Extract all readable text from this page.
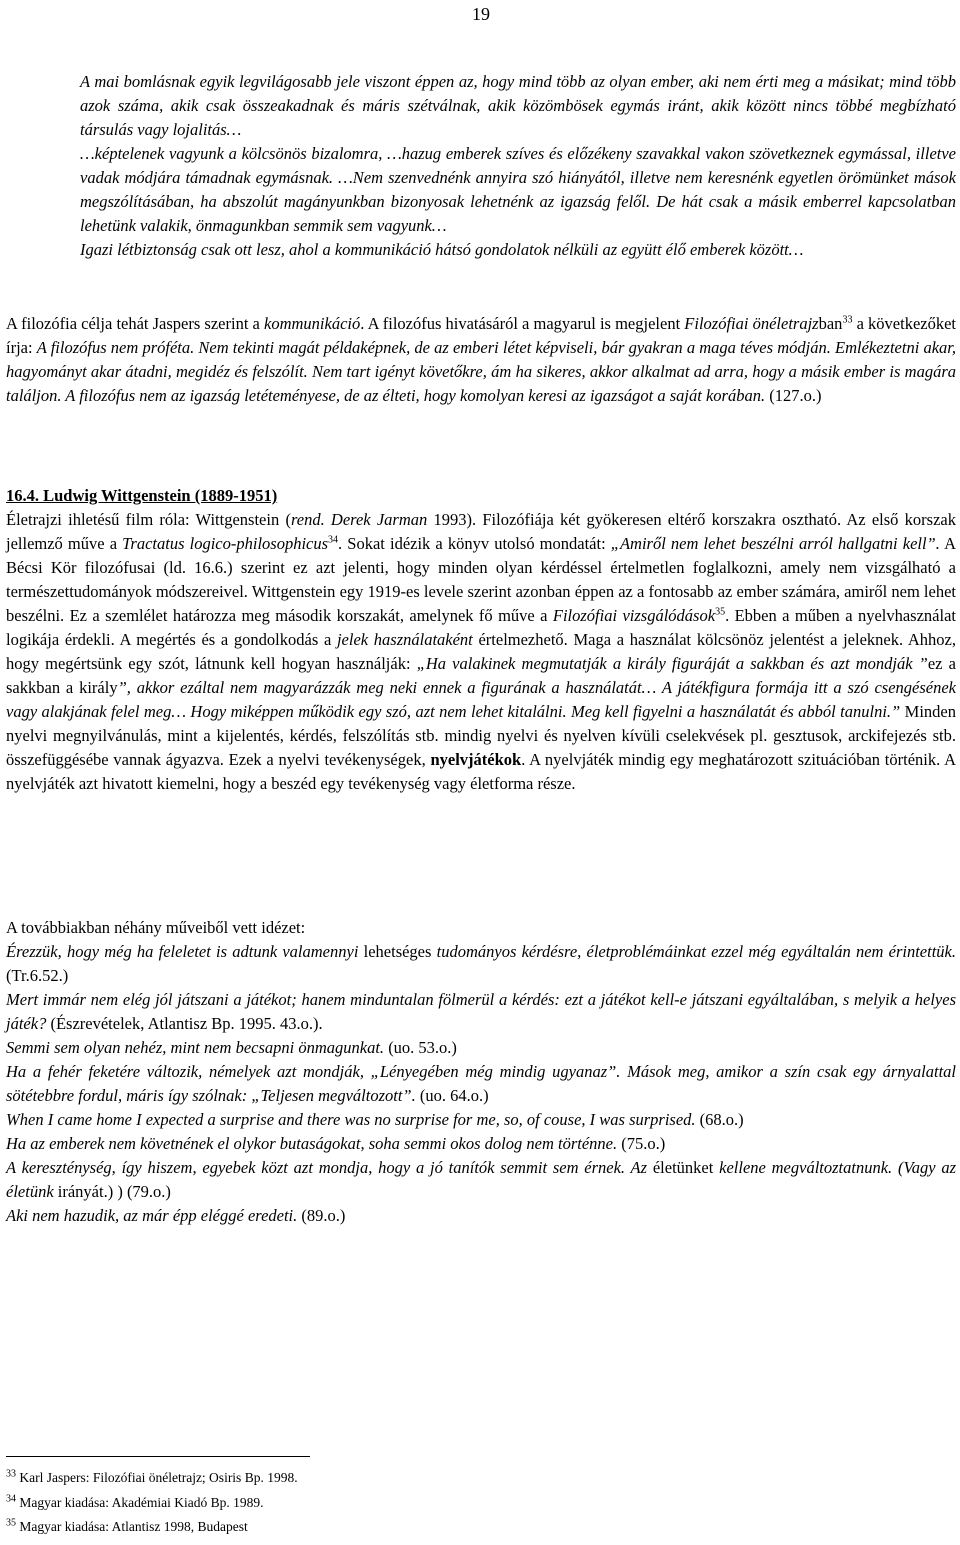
19

A mai bomlásnak egyik legvilágosabb jele viszont éppen az, hogy mind több az olyan ember, aki nem érti meg a másikat; mind több azok száma, akik csak összeakadnak és máris szétválnak, akik közömbösek egymás iránt, akik között nincs többé megbízható társulás vagy lojalitás…

…képtelenek vagyunk a kölcsönös bizalomra, …hazug emberek szíves és előzékeny szavakkal vakon szövetkeznek egymással, illetve vadak módjára támadnak egymásnak. …Nem szenvednénk annyira szó hiányától, illetve nem keresnénk egyetlen örömünket mások megszólításában, ha abszolút magányunkban bizonyosak lehetnénk az igazság felől. De hát csak a másik emberrel kapcsolatban lehetünk valakik, önmagunkban semmik sem vagyunk…

Igazi létbiztonság csak ott lesz, ahol a kommunikáció hátsó gondolatok nélküli az együtt élő emberek között…

A filozófia célja tehát Jaspers szerint a kommunikáció. A filozófus hivatásáról a magyarul is megjelent Filozófiai önéletrajzban$^{33}$ a következőket írja: A filozófus nem próféta. Nem tekinti magát példaképnek, de az emberi létet képviseli, bár gyakran a maga téves módján. Emlékeztetni akar, hagyományt akar átadni, megidéz és felszólít. Nem tart igényt követőkre, ám ha sikeres, akkor alkalmat ad arra, hogy a másik ember is magára találjon. A filozófus nem az igazság letéteményese, de az élteti, hogy komolyan keresi az igazságot a saját korában. (127.o.)
16.4. Ludwig Wittgenstein (1889-1951)
Életrajzi ihletésű film róla: Wittgenstein (rend. Derek Jarman 1993). Filozófiája két gyökeresen eltérő korszakra osztható. Az első korszak jellemző műve a Tractatus logico-philosophicus$^{34}$. Sokat idézik a könyv utolsó mondatát: „Amiről nem lehet beszélni arról hallgatni kell”. A Bécsi Kör filozófusai (ld. 16.6.) szerint ez azt jelenti, hogy minden olyan kérdéssel értelmetlen foglalkozni, amely nem vizsgálható a természettudományok módszereivel. Wittgenstein egy 1919-es levele szerint azonban éppen az a fontosabb az ember számára, amiről nem lehet beszélni. Ez a szemlélet határozza meg második korszakát, amelynek fő műve a Filozófiai vizsgálódások$^{35}$. Ebben a műben a nyelvhasználat logikája érdekli. A megértés és a gondolkodás a jelek használataként értelmezhető. Maga a használat kölcsönöz jelentést a jeleknek. Ahhoz, hogy megértsünk egy szót, látnunk kell hogyan használják: „Ha valakinek megmutatják a király figuráját a sakkban és azt mondják ”ez a sakkban a király”, akkor ezáltal nem magyarázzák meg neki ennek a figurának a használatát… A játékfigura formája itt a szó csengésének vagy alakjának felel meg… Hogy miképpen működik egy szó, azt nem lehet kitalálni. Meg kell figyelni a használatát és abból tanulni.” Minden nyelvi megnyilvánulás, mint a kijelentés, kérdés, felszólítás stb. mindig nyelvi és nyelven kívüli cselekvések pl. gesztusok, arckifejezés stb. összefüggésébe vannak ágyazva. Ezek a nyelvi tevékenységek, nyelvjátékok. A nyelvjáték mindig egy meghatározott szituációban történik. A nyelvjáték azt hivatott kiemelni, hogy a beszéd egy tevékenység vagy életforma része.

A továbbiakban néhány műveiből vett idézet:

Érezzük, hogy még ha feleletet is adtunk valamennyi lehetséges tudományos kérdésre, életproblémáinkat ezzel még egyáltalán nem érintettük. (Tr.6.52.)

Mert immár nem elég jól játszani a játékot; hanem minduntalan fölmerül a kérdés: ezt a játékot kell-e játszani egyáltalában, s melyik a helyes játék? (Észrevételek, Atlantisz Bp. 1995. 43.o.).

Semmi sem olyan nehéz, mint nem becsapni önmagunkat. (uo. 53.o.)

Ha a fehér feketére változik, némelyek azt mondják, „Lényegében még mindig ugyanaz”. Mások meg, amikor a szín csak egy árnyalattal sötétebbre fordul, máris így szólnak: „Teljesen megváltozott”. (uo. 64.o.)

When I came home I expected a surprise and there was no surprise for me, so, of couse, I was surprised. (68.o.)

Ha az emberek nem követnének el olykor butaságokat, soha semmi okos dolog nem történne. (75.o.)

A kereszténység, így hiszem, egyebek közt azt mondja, hogy a jó tanítók semmit sem érnek. Az életünket kellene megváltoztatnunk. (Vagy az életünk irányát.) ) (79.o.)

Aki nem hazudik, az már épp eléggé eredeti. (89.o.)

$^{33}$ Karl Jaspers: Filozófiai önéletrajz; Osiris Bp. 1998.
$^{34}$ Magyar kiadása: Akadémiai Kiadó Bp. 1989.
$^{35}$ Magyar kiadása: Atlantisz 1998, Budapest
